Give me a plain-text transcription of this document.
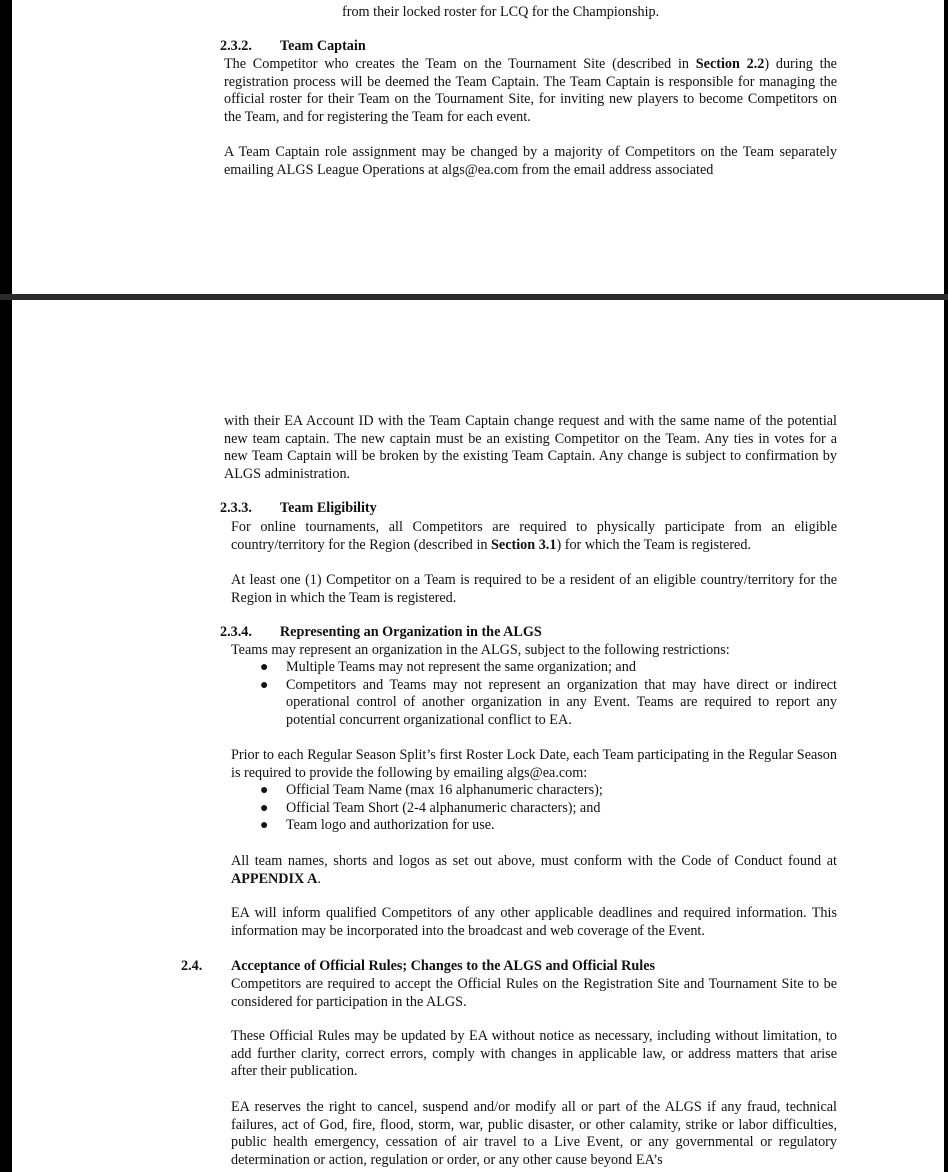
from their locked roster for LCQ for the Championship.
2.3.2. Team Captain

The Competitor who creates the Team on the Tournament Site (described in Section 2.2) during the registration process will be deemed the Team Captain. The Team Captain is responsible for managing the official roster for their Team on the Tournament Site, for inviting new players to become Competitors on the Team, and for registering the Team for each event.

A Team Captain role assignment may be changed by a majority of Competitors on the Team separately emailing ALGS League Operations at algs@ea.com from the email address associated

with their EA Account ID with the Team Captain change request and with the same name of the potential new team captain. The new captain must be an existing Competitor on the Team. Any ties in votes for a new Team Captain will be broken by the existing Team Captain. Any change is subject to confirmation by ALGS administration.

2.3.3. Team Eligibility

For online tournaments, all Competitors are required to physically participate from an eligible country/territory for the Region (described in Section 3.1) for which the Team is registered.

At least one (1) Competitor on a Team is required to be a resident of an eligible country/territory for the Region in which the Team is registered.

2.3.4. Representing an Organization in the ALGS
Teams may represent an organization in the ALGS, subject to the following restrictions:
● Multiple Teams may not represent the same organization; and
● Competitors and Teams may not represent an organization that may have direct or indirect operational control of another organization in any Event. Teams are required to report any potential concurrent organizational conflict to EA.

Prior to each Regular Season Split’s first Roster Lock Date, each Team participating in the Regular Season is required to provide the following by emailing algs@ea.com:

● Official Team Name (max 16 alphanumeric characters);
● Official Team Short (2-4 alphanumeric characters); and
● Team logo and authorization for use.

All team names, shorts and logos as set out above, must conform with the Code of Conduct found at APPENDIX A.

EA will inform qualified Competitors of any other applicable deadlines and required information. This information may be incorporated into the broadcast and web coverage of the Event.

2.4. Acceptance of Official Rules; Changes to the ALGS and Official Rules

Competitors are required to accept the Official Rules on the Registration Site and Tournament Site to be considered for participation in the ALGS.

These Official Rules may be updated by EA without notice as necessary, including without limitation, to add further clarity, correct errors, comply with changes in applicable law, or address matters that arise after their publication.

EA reserves the right to cancel, suspend and/or modify all or part of the ALGS if any fraud, technical failures, act of God, fire, flood, storm, war, public disaster, or other calamity, strike or labor difficulties, public health emergency, cessation of air travel to a Live Event, or any governmental or regulatory determination or action, regulation or order, or any other cause beyond EA’s
